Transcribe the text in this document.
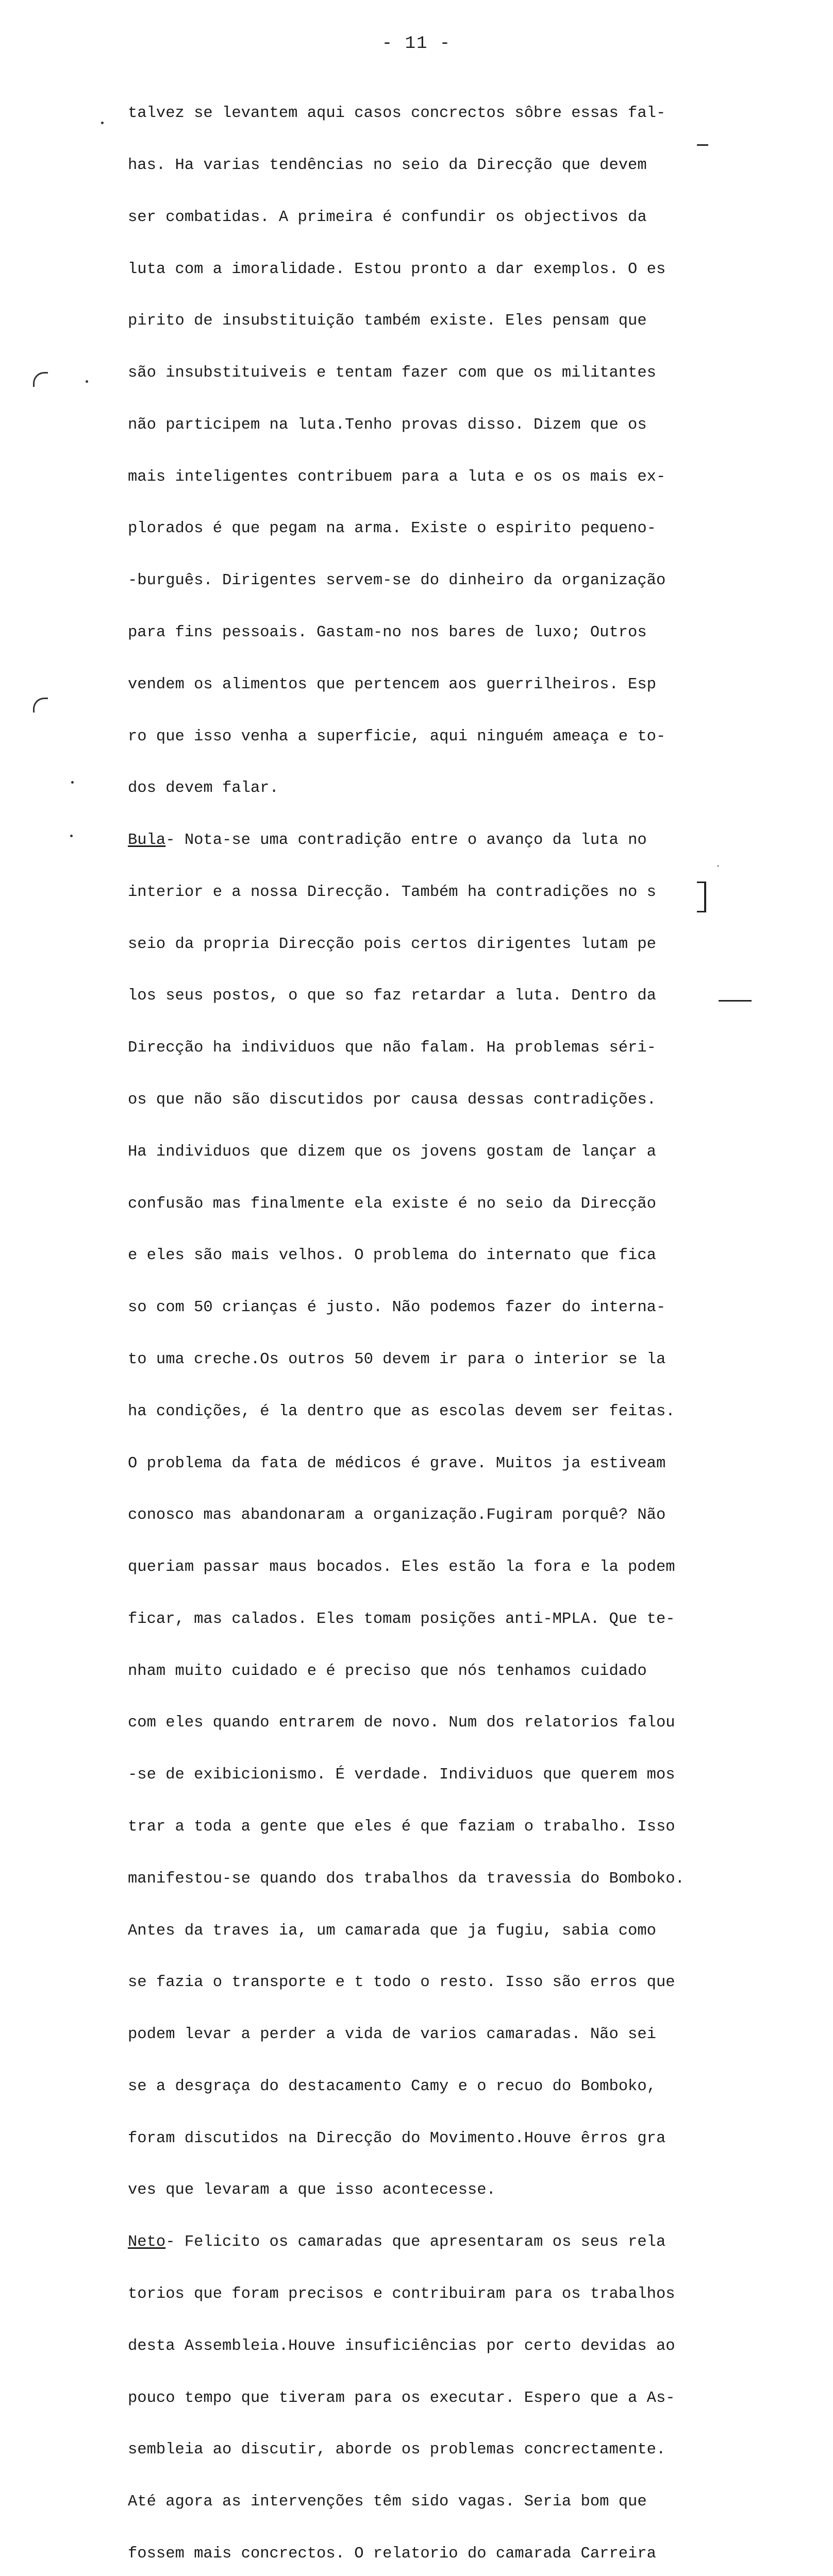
- 11 -

talvez se levantem aqui casos concrectos sôbre essas fal-

has. Ha varias tendências no seio da Direcção que devem

ser combatidas. A primeira é confundir os objectivos da

luta com a imoralidade. Estou pronto a dar exemplos. O es

pirito de insubstituição também existe. Eles pensam que

são insubstituiveis e tentam fazer com que os militantes

não participem na luta.Tenho provas disso. Dizem que os

mais inteligentes contribuem para a luta e os os mais ex-

plorados é que pegam na arma. Existe o espirito pequeno-

-burguês. Dirigentes servem-se do dinheiro da organização

para fins pessoais. Gastam-no nos bares de luxo; Outros

vendem os alimentos que pertencem aos guerrilheiros. Esp

ro que isso venha a superficie, aqui ninguém ameaça e to-

dos devem falar.

Bula- Nota-se uma contradição entre o avanço da luta no

interior e a nossa Direcção. Também ha contradições no s

seio da propria Direcção pois certos dirigentes lutam pe

los seus postos, o que so faz retardar a luta. Dentro da

Direcção ha individuos que não falam. Ha problemas séri-

os que não são discutidos por causa dessas contradições.

Ha individuos que dizem que os jovens gostam de lançar a

confusão mas finalmente ela existe é no seio da Direcção

e eles são mais velhos. O problema do internato que fica

so com 50 crianças é justo. Não podemos fazer do interna-

to uma creche.Os outros 50 devem ir para o interior se la

ha condições, é la dentro que as escolas devem ser feitas.

O problema da fata de médicos é grave. Muitos ja estiveam

conosco mas abandonaram a organização.Fugiram porquê? Não

queriam passar maus bocados. Eles estão la fora e la podem

ficar, mas calados. Eles tomam posições anti-MPLA. Que te-

nham muito cuidado e é preciso que nós tenhamos cuidado

com eles quando entrarem de novo. Num dos relatorios falou

-se de exibicionismo. É verdade. Individuos que querem mos

trar a toda a gente que eles é que faziam o trabalho. Isso

manifestou-se quando dos trabalhos da travessia do Bomboko.

Antes da traves ia, um camarada que ja fugiu, sabia como

se fazia o transporte e t todo o resto. Isso são erros que

podem levar a perder a vida de varios camaradas. Não sei

se a desgraça do destacamento Camy e o recuo do Bomboko,

foram discutidos na Direcção do Movimento.Houve êrros gra

ves que levaram a que isso acontecesse.

Neto- Felicito os camaradas que apresentaram os seus rela

torios que foram precisos e contribuiram para os trabalhos

desta Assembleia.Houve insuficiências por certo devidas ao

pouco tempo que tiveram para os executar. Espero que a As-

sembleia ao discutir, aborde os problemas concrectamente.

Até agora as intervenções têm sido vagas. Seria bom que

fossem mais concrectos. O relatorio do camarada Carreira
